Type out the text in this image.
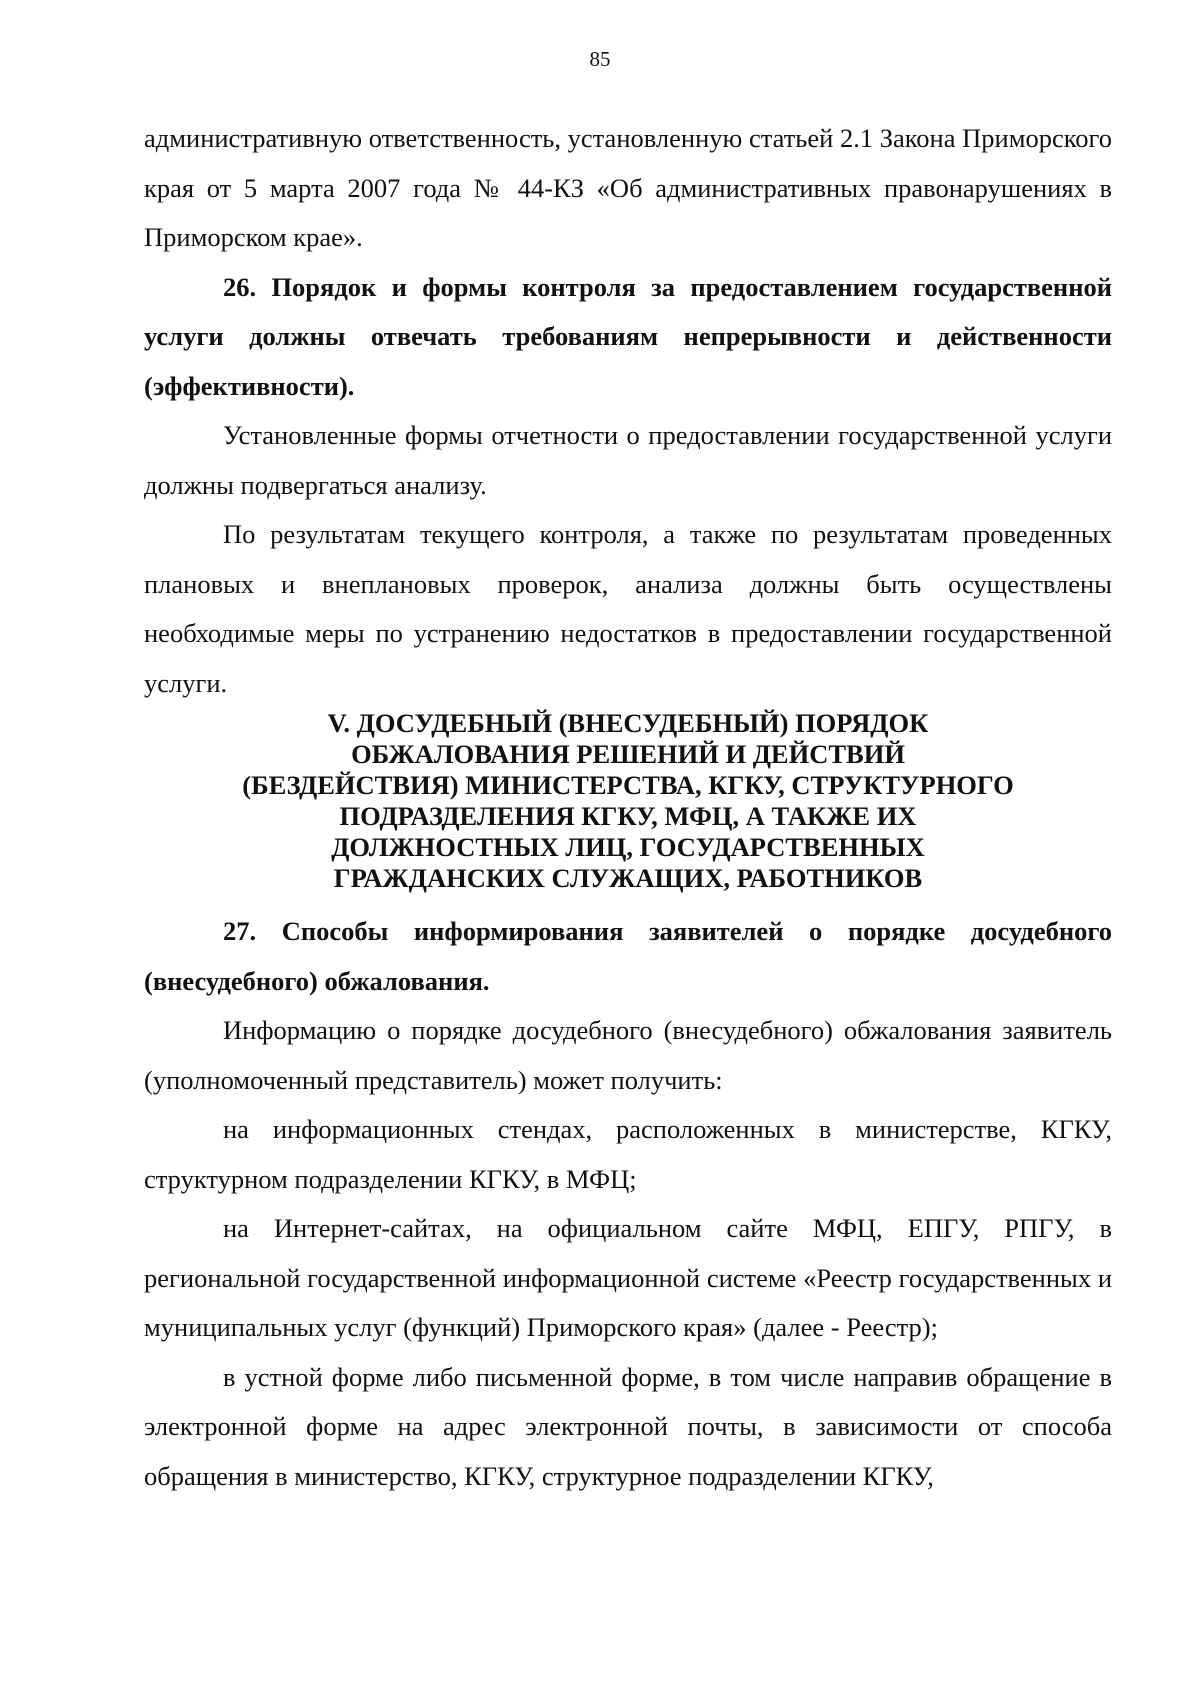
85

административную ответственность, установленную статьей 2.1 Закона Приморского края от 5 марта 2007 года № 44-КЗ «Об административных правонарушениях в Приморском крае».

26. Порядок и формы контроля за предоставлением государственной услуги должны отвечать требованиям непрерывности и действенности (эффективности).

Установленные формы отчетности о предоставлении государственной услуги должны подвергаться анализу.

По результатам текущего контроля, а также по результатам проведенных плановых и внеплановых проверок, анализа должны быть осуществлены необходимые меры по устранению недостатков в предоставлении государственной услуги.

V. ДОСУДЕБНЫЙ (ВНЕСУДЕБНЫЙ) ПОРЯДОК
ОБЖАЛОВАНИЯ РЕШЕНИЙ И ДЕЙСТВИЙ
(БЕЗДЕЙСТВИЯ) МИНИСТЕРСТВА, КГКУ, СТРУКТУРНОГО
ПОДРАЗДЕЛЕНИЯ КГКУ, МФЦ, А ТАКЖЕ ИХ
ДОЛЖНОСТНЫХ ЛИЦ, ГОСУДАРСТВЕННЫХ
ГРАЖДАНСКИХ СЛУЖАЩИХ, РАБОТНИКОВ

27. Способы информирования заявителей о порядке досудебного (внесудебного) обжалования.

Информацию о порядке досудебного (внесудебного) обжалования заявитель (уполномоченный представитель) может получить:

на информационных стендах, расположенных в министерстве, КГКУ, структурном подразделении КГКУ, в МФЦ;

на Интернет-сайтах, на официальном сайте МФЦ, ЕПГУ, РПГУ, в региональной государственной информационной системе «Реестр государственных и муниципальных услуг (функций) Приморского края» (далее - Реестр);

в устной форме либо письменной форме, в том числе направив обращение в электронной форме на адрес электронной почты, в зависимости от способа обращения в министерство, КГКУ, структурное подразделении КГКУ,
